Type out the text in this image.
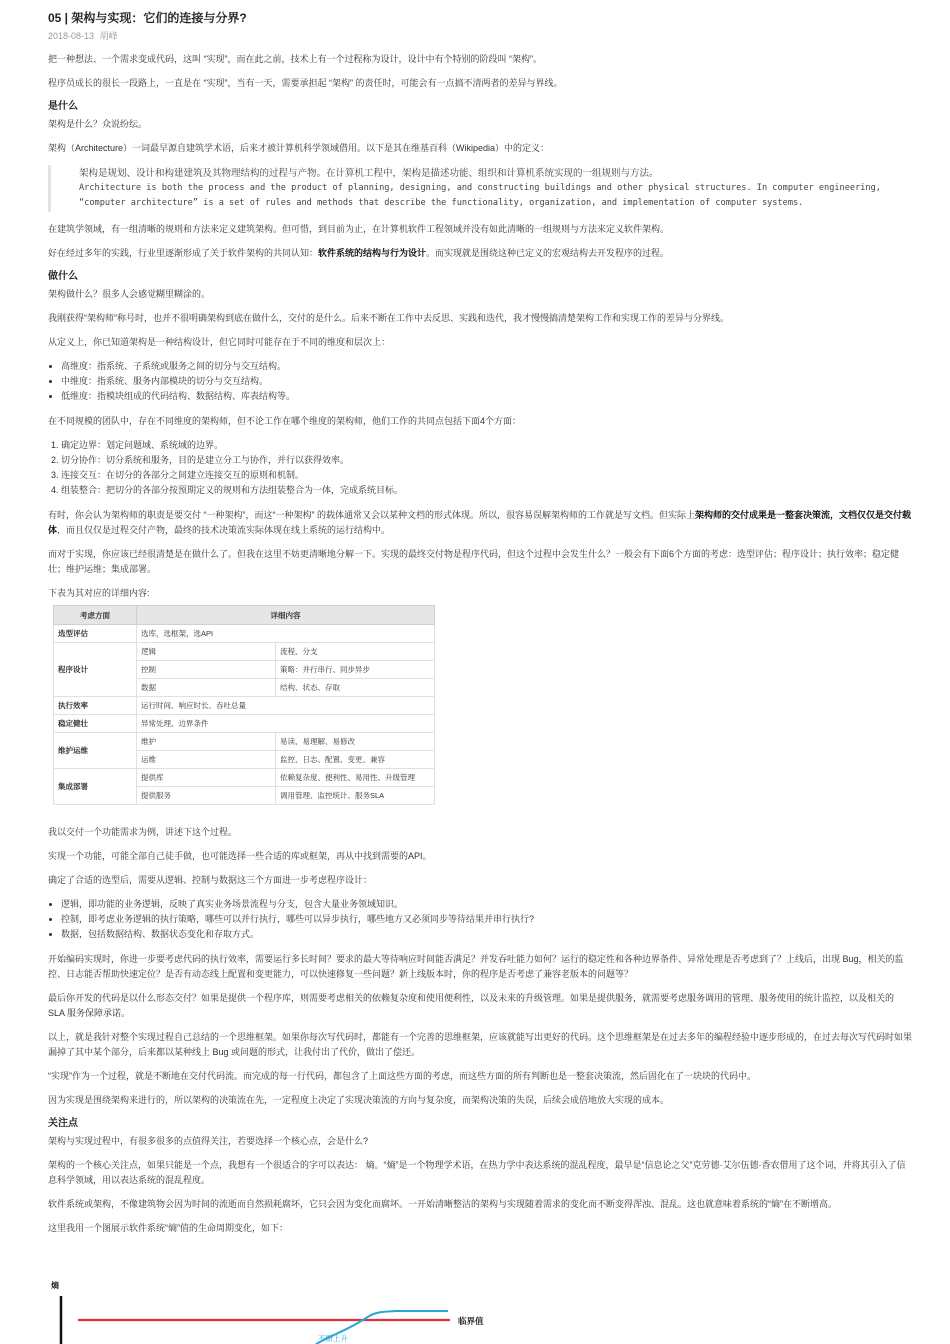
05 | 架构与实现：它们的连接与分界?
2018-08-13 胡峰

把一种想法、一个需求变成代码，这叫 “实现”，而在此之前，技术上有一个过程称为设计，设计中有个特别的阶段叫 “架构”。

程序员成长的很长一段路上，一直是在 “实现”，当有一天，需要承担起 “架构” 的责任时，可能会有一点搞不清两者的差异与界线。

是什么

架构是什么？众说纷纭。

架构（Architecture）一词最早源自建筑学术语，后来才被计算机科学领域借用。以下是其在维基百科（Wikipedia）中的定义：

架构是规划、设计和构建建筑及其物理结构的过程与产物。在计算机工程中，架构是描述功能、组织和计算机系统实现的一组规则与方法。
Architecture is both the process and the product of planning, designing, and constructing buildings and other physical structures. In computer engineering,
“computer architecture” is a set of rules and methods that describe the functionality, organization, and implementation of computer systems.

在建筑学领域，有一组清晰的规则和方法来定义建筑架构。但可惜，到目前为止，在计算机软件工程领域并没有如此清晰的一组规则与方法来定义软件架构。

好在经过多年的实践，行业里逐渐形成了关于软件架构的共同认知：软件系统的结构与行为设计。而实现就是围绕这种已定义的宏观结构去开发程序的过程。

做什么

架构做什么？很多人会感觉糊里糊涂的。

我刚获得“架构师”称号时，也并不很明确架构到底在做什么，交付的是什么。后来不断在工作中去反思、实践和迭代，我才慢慢搞清楚架构工作和实现工作的差异与分界线。

从定义上，你已知道架构是一种结构设计，但它同时可能存在于不同的维度和层次上：

• 高维度：指系统、子系统或服务之间的切分与交互结构。
• 中维度：指系统、服务内部模块的切分与交互结构。
• 低维度：指模块组成的代码结构、数据结构、库表结构等。

在不同规模的团队中，存在不同维度的架构师，但不论工作在哪个维度的架构师，他们工作的共同点包括下面4个方面：

1. 确定边界：划定问题域、系统域的边界。
2. 切分协作：切分系统和服务，目的是建立分工与协作，并行以获得效率。
3. 连接交互：在切分的各部分之间建立连接交互的原则和机制。
4. 组装整合：把切分的各部分按预期定义的规则和方法组装整合为一体，完成系统目标。

有时，你会认为架构师的职责是要交付 “一种架构”，而这“一种架构” 的载体通常又会以某种文档的形式体现。所以，很容易误解架构师的工作就是写文档。但实际上架构师的交付成果是一整套决策流，文档仅仅是交付载体，而且仅仅是过程交付产物，最终的技术决策流实际体现在线上系统的运行结构中。

而对于实现，你应该已经很清楚是在做什么了。但我在这里不妨更清晰地分解一下。实现的最终交付物是程序代码，但这个过程中会发生什么？一般会有下面6个方面的考虑：选型评估；程序设计；执行效率；稳定健壮；维护运维；集成部署。

下表为其对应的详细内容:

考虑方面	详细内容	
选型评估	选库，选框架，选API	
程序设计	逻辑	流程、分支
	控制	策略：并行串行、同步异步
	数据	结构、状态、存取
执行效率	运行时间、响应时长、吞吐总量	
稳定健壮	异常处理、边界条件	
维护运维	维护	易读、易理解、易修改
	运维	监控、日志、配置、变更、兼容
集成部署	提供库	依赖复杂度、便利性、易用性、升级管理
	提供服务	调用管理、监控统计、服务SLA

我以交付一个功能需求为例，讲述下这个过程。

实现一个功能，可能全部自己徒手做，也可能选择一些合适的库或框架，再从中找到需要的API。

确定了合适的选型后，需要从逻辑、控制与数据这三个方面进一步考虑程序设计：

• 逻辑，即功能的业务逻辑，反映了真实业务场景流程与分支，包含大量业务领域知识。
• 控制，即考虑业务逻辑的执行策略，哪些可以并行执行，哪些可以异步执行，哪些地方又必须同步等待结果并串行执行?
• 数据，包括数据结构、数据状态变化和存取方式。

开始编码实现时，你进一步要考虑代码的执行效率，需要运行多长时间？要求的最大等待响应时间能否满足？并发吞吐能力如何？运行的稳定性和各种边界条件、异常处理是否考虑到了？上线后，出现 Bug，相关的监控、日志能否帮助快速定位？是否有动态线上配置和变更能力，可以快速修复一些问题？新上线版本时，你的程序是否考虑了兼容老版本的问题等？

最后你开发的代码是以什么形态交付？如果是提供一个程序库，则需要考虑相关的依赖复杂度和使用便利性，以及未来的升级管理。如果是提供服务，就需要考虑服务调用的管理、服务使用的统计监控，以及相关的 SLA 服务保障承诺。

以上，就是我针对整个实现过程自己总结的一个思维框架。如果你每次写代码时，都能有一个完善的思维框架，应该就能写出更好的代码。这个思维框架是在过去多年的编程经验中逐步形成的，在过去每次写代码时如果漏掉了其中某个部分，后来都以某种线上 Bug 或问题的形式，让我付出了代价，做出了偿还。

“实现”作为一个过程，就是不断地在交付代码流。而完成的每一行代码，都包含了上面这些方面的考虑，而这些方面的所有判断也是一整套决策流，然后固化在了一块块的代码中。

因为实现是围绕架构来进行的，所以架构的决策流在先，一定程度上决定了实现决策流的方向与复杂度，而架构决策的失误，后续会成倍地放大实现的成本。

关注点

架构与实现过程中，有很多很多的点值得关注，若要选择一个核心点，会是什么?

架构的一个核心关注点，如果只能是一个点，我想有一个很适合的字可以表达： 熵。“熵”是一个物理学术语，在热力学中表达系统的混乱程度，最早是“信息论之父”克劳德·艾尔伍德·香农借用了这个词，并将其引入了信息科学领域，用以表达系统的混乱程度。

软件系统或架构，不像建筑物会因为时间的流逝而自然损耗腐坏，它只会因为变化而腐坏。一开始清晰整洁的架构与实现随着需求的变化而不断变得浑浊、混乱。这也就意味着系统的“熵”在不断增高。

这里我用一个图展示软件系统“熵”值的生命周期变化，如下：

熵
临界值
不断上升
